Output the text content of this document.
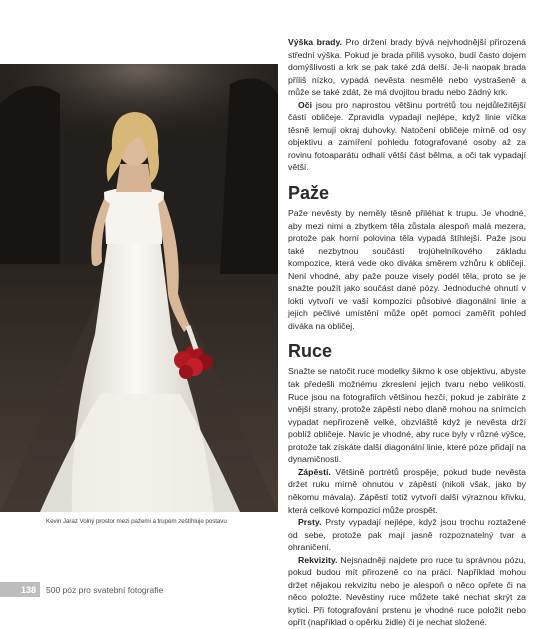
Kevin Jaraz Volný prostor mezi pažemi a trupem zeštíhluje postavu

Výška brady. Pro držení brady bývá nejvhodnější přirozená střední výška. Pokud je brada příliš vysoko, budí často dojem domýšlivosti a krk se pak také zdá delší. Je-li naopak brada příliš nízko, vypadá nevěsta nesmělé nebo vystrašeně a může se také zdát, že má dvojitou bradu nebo žádný krk.

Oči jsou pro naprostou většinu portrétů tou nejdůležitější částí obličeje. Zpravidla vypadají nejlépe, když linie víčka těsně lemují okraj duhovky. Natočení obličeje mírně od osy objektivu a zamíření pohledu fotografované osoby až za rovinu fotoaparátu odhalí větší část bělma, a oči tak vypadají větší.

Paže

Paže nevěsty by neměly těsně přiléhat k trupu. Je vhodné, aby mezi nimi a zbytkem těla zůstala alespoň malá mezera, protože pak horní polovina těla vypadá štíhlejší. Paže jsou také nezbytnou součástí trojúhelníkového základu kompozice, která vede oko diváka směrem vzhůru k obličeji. Není vhodné, aby paže pouze visely podél těla, proto se je snažte použít jako součást dané pózy. Jednoduché ohnutí v lokti vytvoří ve vaší kompozici působivé diagonální linie a jejich pečlivé umístění může opět pomoci zaměřit pohled diváka na obličej.

Ruce

Snažte se natočit ruce modelky šikmo k ose objektivu, abyste tak předešli možnému zkreslení jejich tvaru nebo velikosti. Ruce jsou na fotografiích většinou hezčí, pokud je zabíráte z vnější strany, protože zápěstí nebo dlaně mohou na snímcích vypadat nepřirozeně velké, obzvláště když je nevěsta drží poblíž obličeje. Navíc je vhodné, aby ruce byly v různé výšce, protože tak získáte další diagonální linie, které póze přidají na dynamičnosti.

Zápěstí. Většině portrétů prospěje, pokud bude nevěsta držet ruku mírně ohnutou v zápěstí (nikoli však, jako by někomu mávala). Zápěstí totiž vytvoří další výraznou křivku, která celkové kompozici může prospět.

Prsty. Prsty vypadají nejlépe, když jsou trochu roztažené od sebe, protože pak mají jasně rozpoznatelný tvar a ohraničení.

Rekvizity. Nejsnadněji najdete pro ruce tu správnou pózu, pokud budou mít přirozeně co na práci. Například mohou držet nějakou rekvizitu nebo je alespoň o něco opřete či na něco položte. Nevěstiny ruce můžete také nechat skrýt za kytici. Při fotografování prstenu je vhodné ruce položit nebo opřít (například o opěrku židle) či je nechat složené.

138	500 póz pro svatební fotografie
